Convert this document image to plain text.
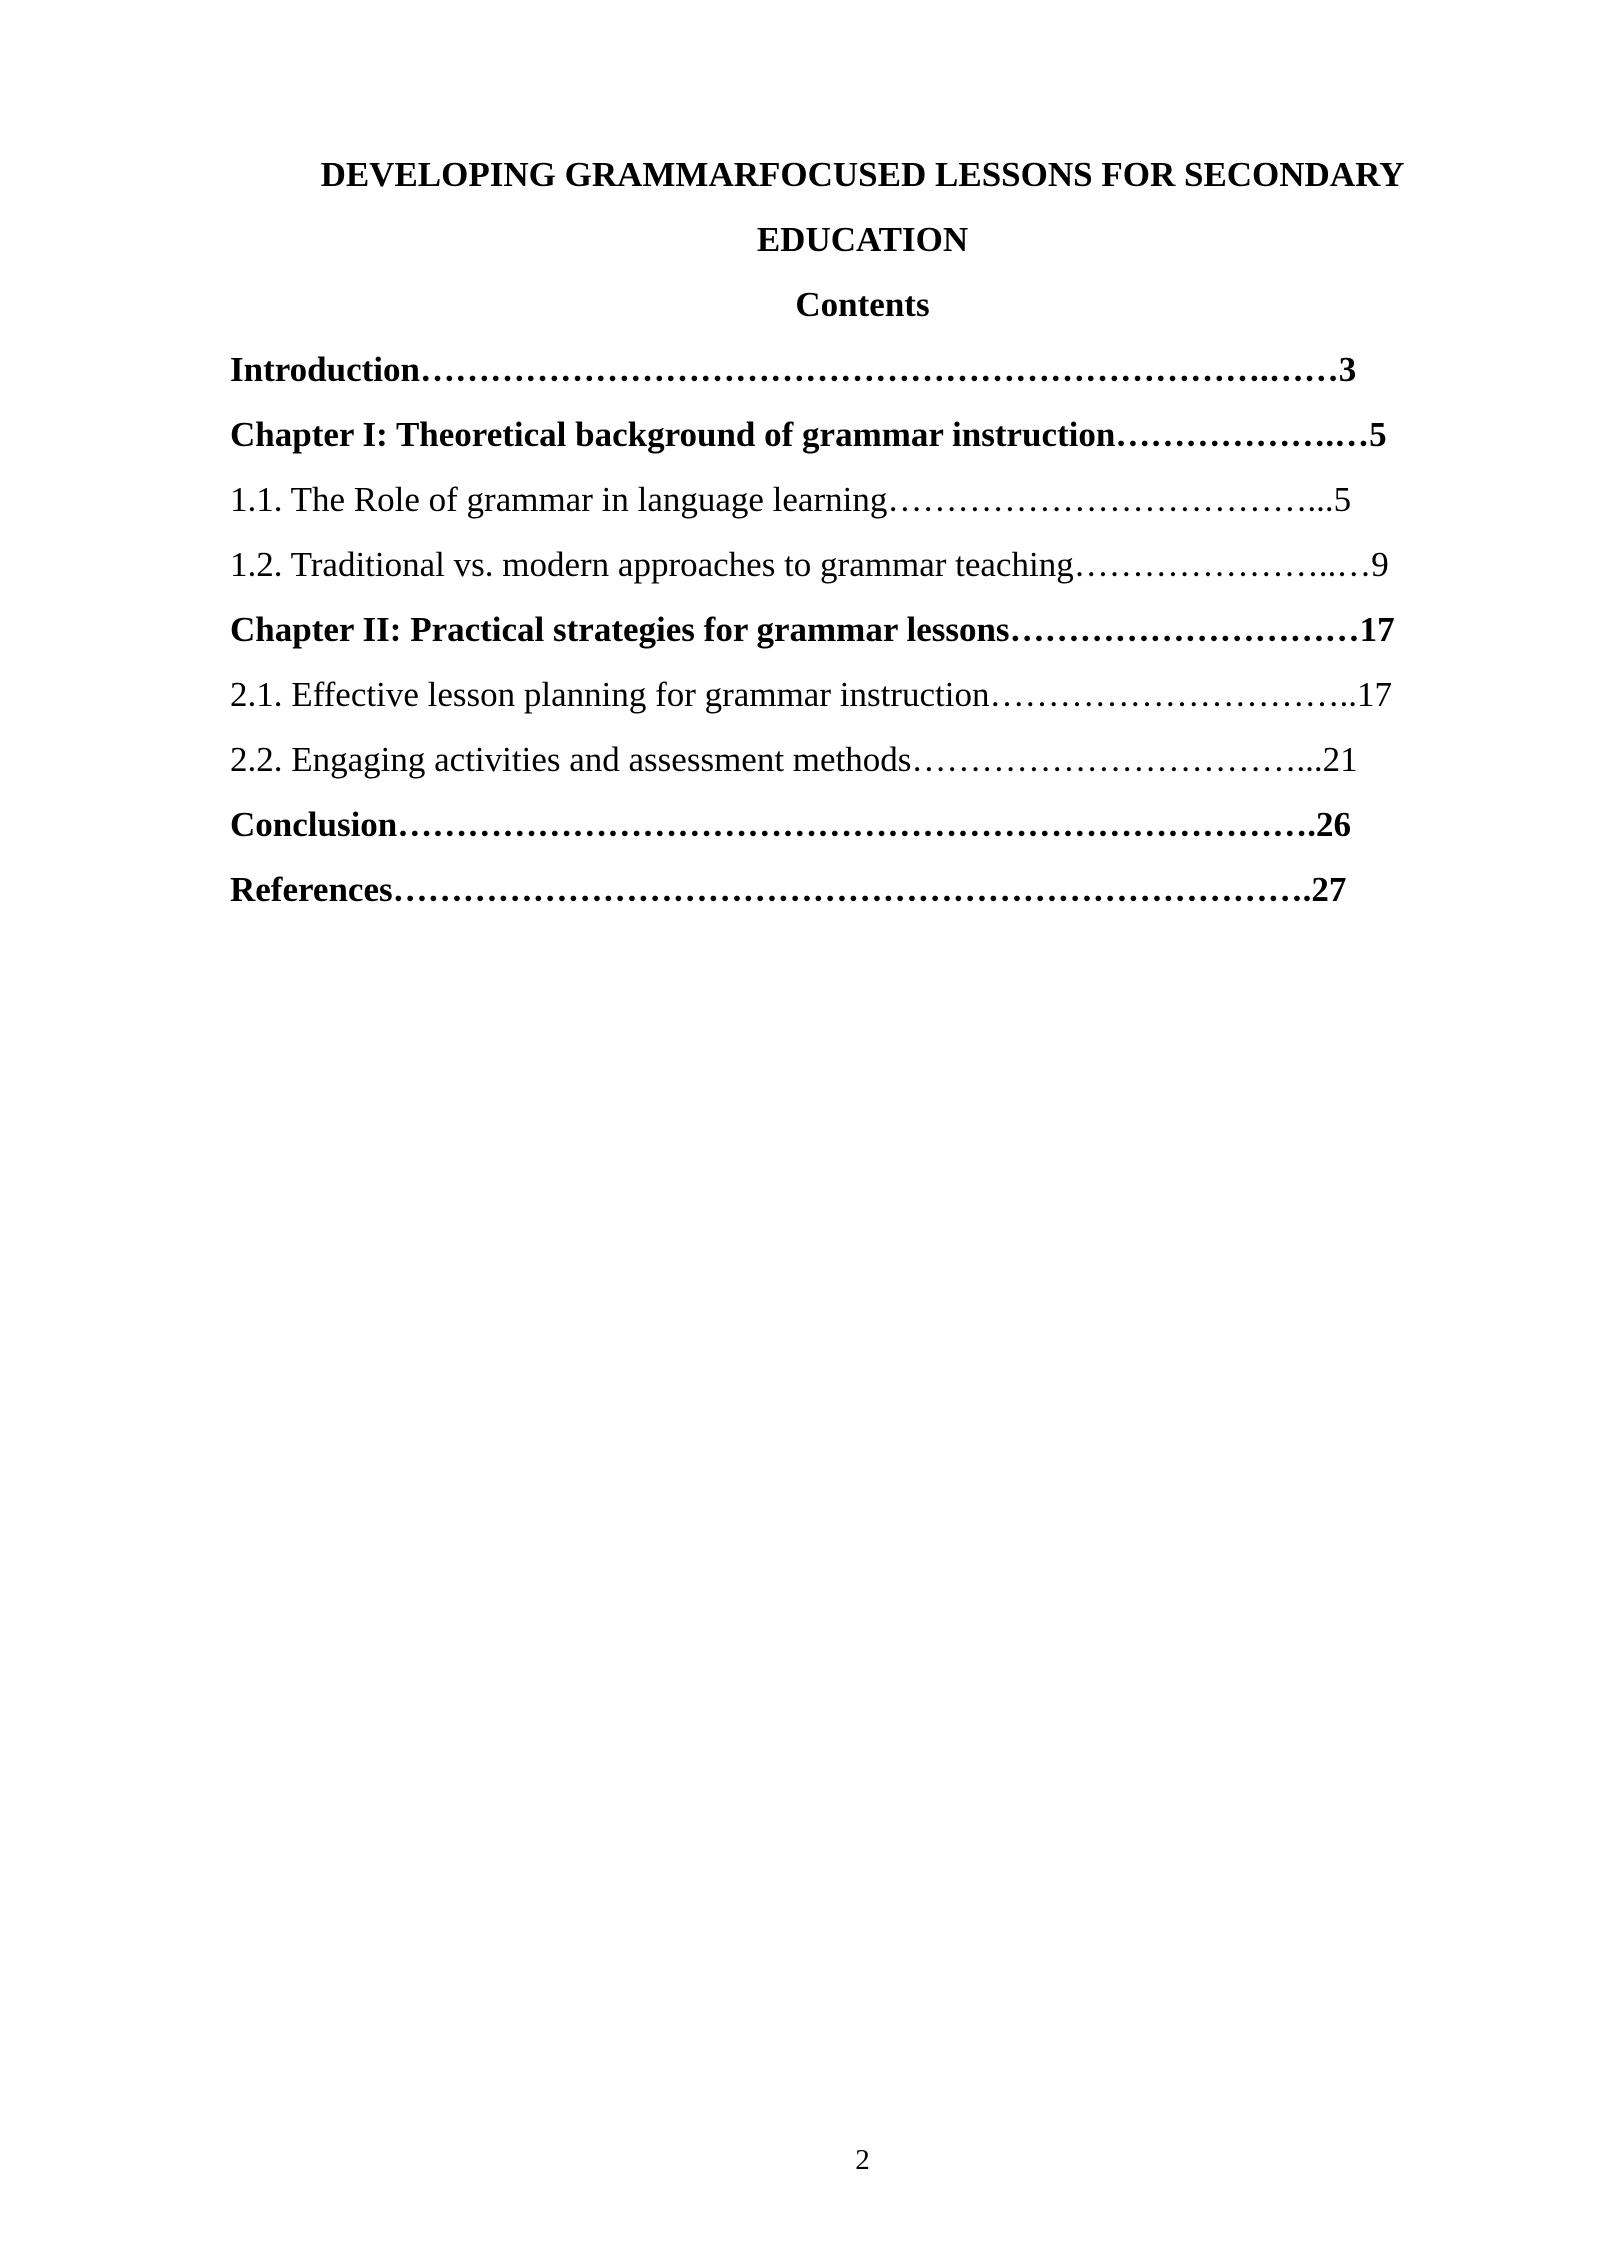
DEVELOPING GRAMMARFOCUSED LESSONS FOR SECONDARY
EDUCATION
Contents
Introduction……………………………………………………………….……3
Chapter I: Theoretical background of grammar instruction……………….…5
1.1. The Role of grammar in language learning………………………………...5
1.2. Traditional vs. modern approaches to grammar teaching…………………..…9
Chapter II: Practical strategies for grammar lessons…………………………17
2.1. Effective lesson planning for grammar instruction…………………………..17
2.2. Engaging activities and assessment methods……………………………...21
Conclusion…………………………………………………………………….26
References…………………………………………………………………….27
2
